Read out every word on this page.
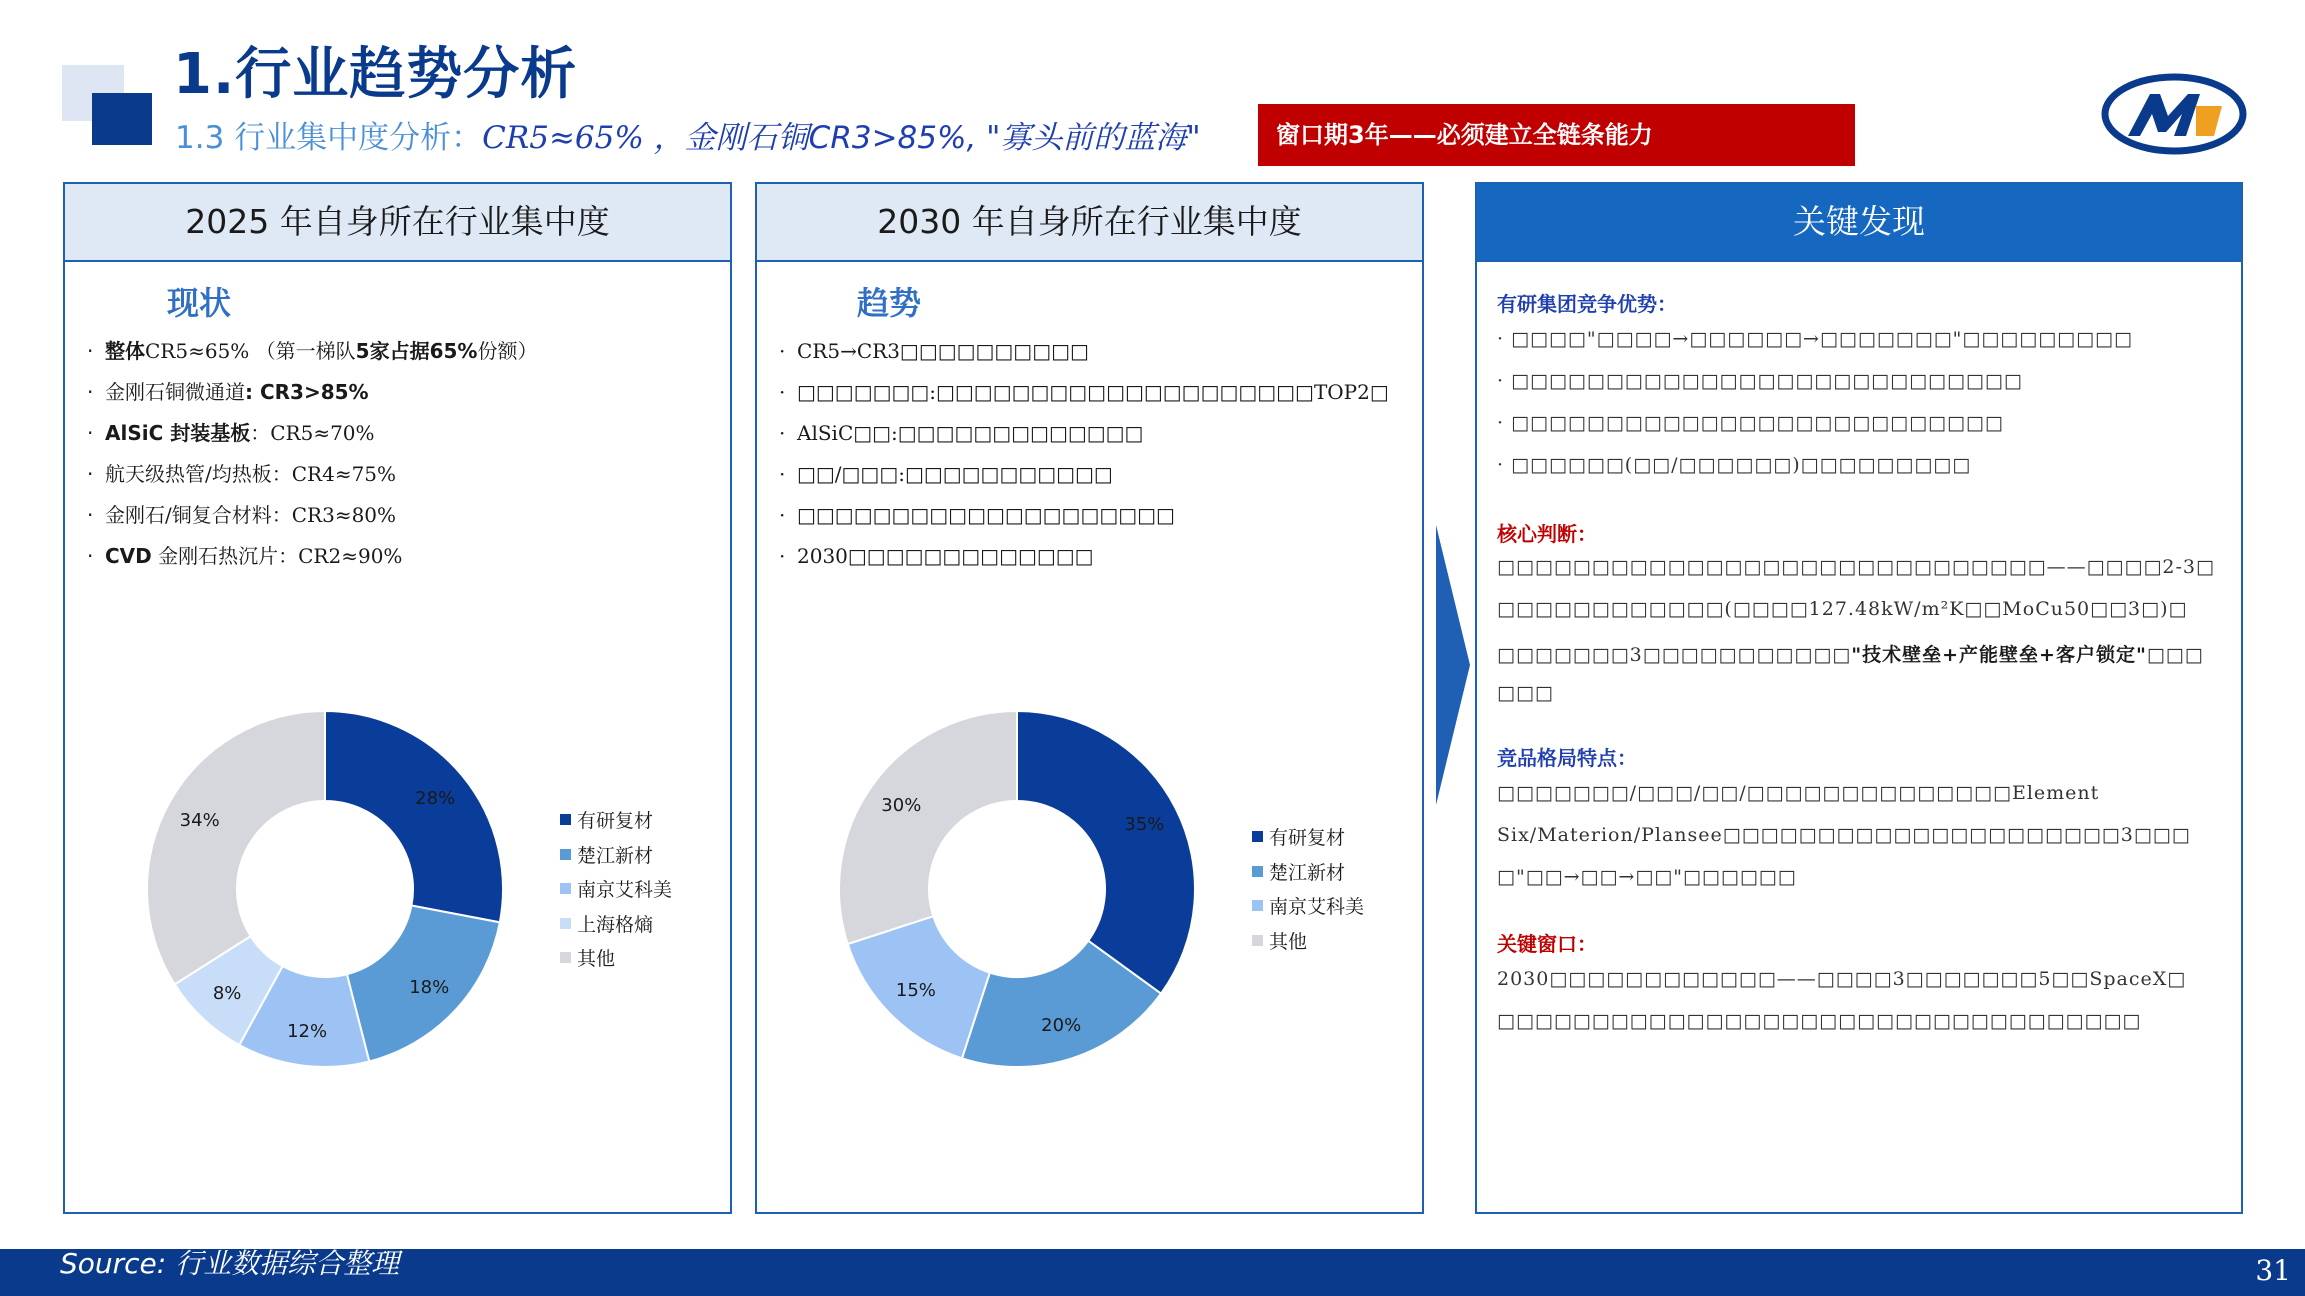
1.行业趋势分析
1.3 行业集中度分析：CR5≈65% ，金刚石铜CR3>85%, "寡头前的蓝海"	窗口期3年——必须建立全链条能力
2025 年自身所在行业集中度
现状
· 整体CR5≈65% （第一梯队5家占据65%份额）
· 金刚石铜微通道: CR3>85%
· AlSiC 封装基板：CR5≈70%
· 航天级热管/均热板：CR4≈75%
· 金刚石/铜复合材料：CR3≈80%
· CVD 金刚石热沉片：CR2≈90%
28%
18%
12%
8%
34%	有研复材
楚江新材
南京艾科美
上海格熵
其他
2030 年自身所在行业集中度
趋势
· CR5→CR3□□□□□□□□□□
· □□□□□□□:□□□□□□□□□□□□□□□□□□□□TOP2□
· AlSiC□□:□□□□□□□□□□□□□
· □□/□□□:□□□□□□□□□□□
· □□□□□□□□□□□□□□□□□□□□
· 2030□□□□□□□□□□□□□
35%
20%
15%
30%
有研复材
楚江新材
南京艾科美
其他
关键发现
有研集团竞争优势：
· □□□□"□□□□→□□□□□□→□□□□□□□"□□□□□□□□□
· □□□□□□□□□□□□□□□□□□□□□□□□□□□
· □□□□□□□□□□□□□□□□□□□□□□□□□□
· □□□□□□(□□/□□□□□□)□□□□□□□□□
核心判断：
□□□□□□□□□□□□□□□□□□□□□□□□□□□□□——□□□□2-3□
□□□□□□□□□□□□(□□□□127.48kW/m²K□□MoCu50□□3□)□
□□□□□□□3□□□□□□□□□□□"技术壁垒+产能壁垒+客户锁定"□□□
□□□
竞品格局特点：
□□□□□□□/□□□/□□/□□□□□□□□□□□□□□Element
Six/Materion/Plansee□□□□□□□□□□□□□□□□□□□□□3□□□
□"□□→□□→□□"□□□□□□
关键窗口：
2030□□□□□□□□□□□□——□□□□3□□□□□□□5□□SpaceX□
□□□□□□□□□□□□□□□□□□□□□□□□□□□□□□□□□□
Source: 行业数据综合整理	31
